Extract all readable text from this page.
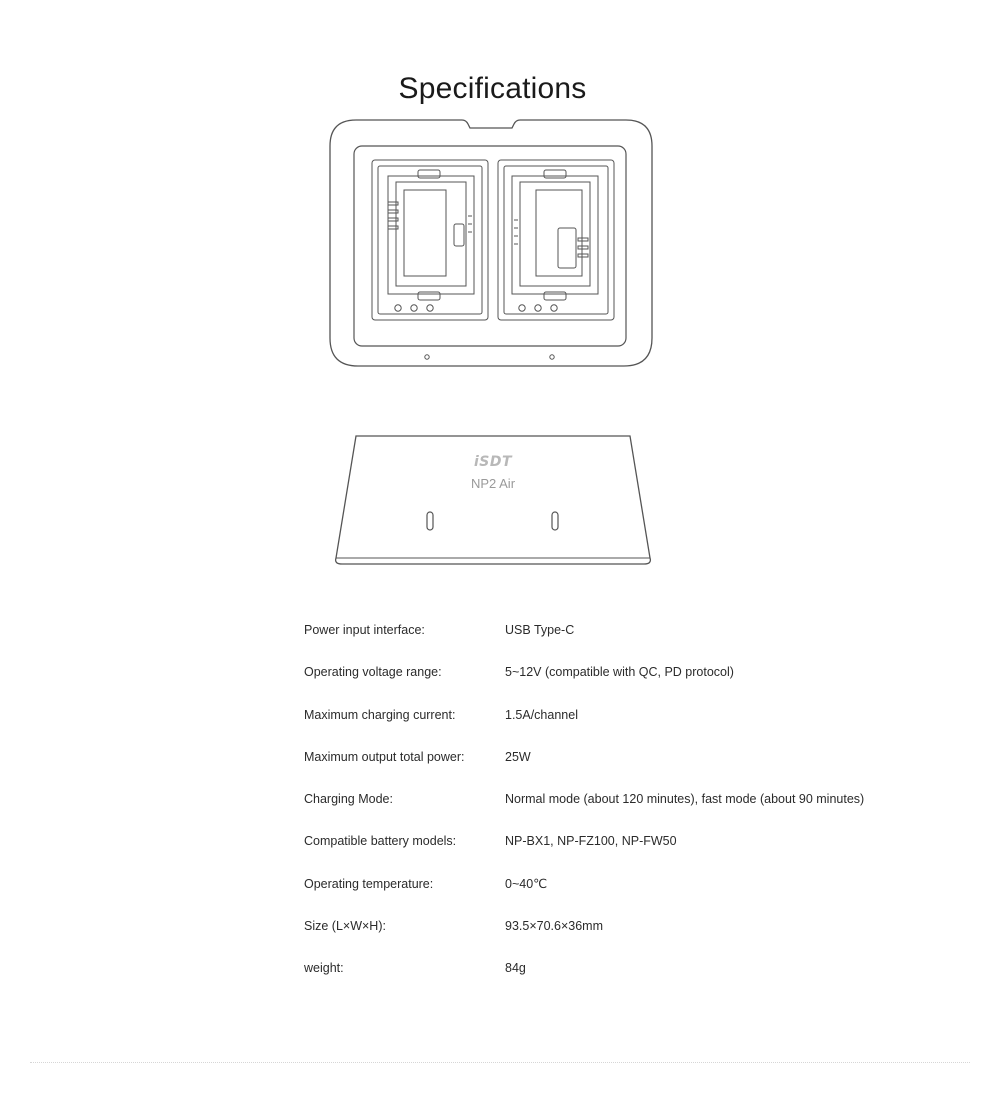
Specifications
iSDT
NP2 Air
Power input interface:	USB Type-C
Operating voltage range:	5~12V (compatible with QC, PD protocol)
Maximum charging current:	1.5A/channel
Maximum output total power:	25W
Charging Mode:	Normal mode (about 120 minutes), fast mode (about 90 minutes)
Compatible battery models:	NP-BX1, NP-FZ100, NP-FW50
Operating temperature:	0~40℃
Size (L×W×H):	93.5×70.6×36mm
weight:	84g
